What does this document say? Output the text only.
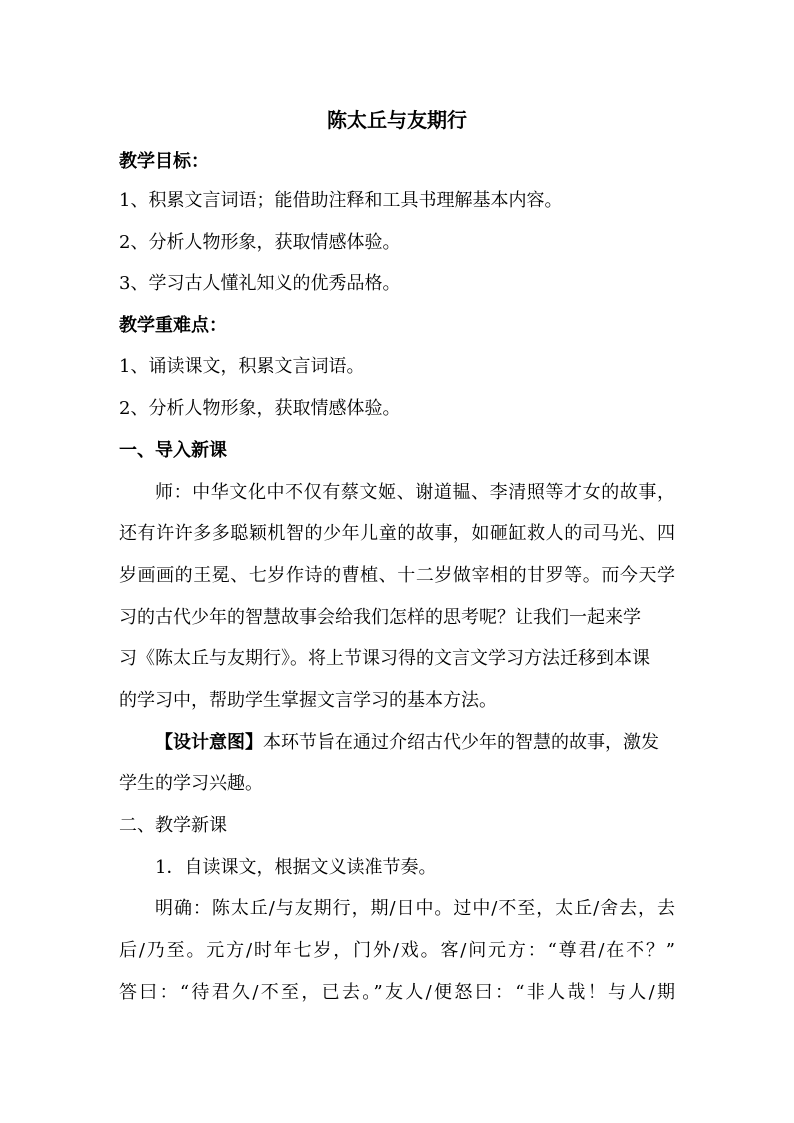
陈太丘与友期行
教学目标：
1、积累文言词语；能借助注释和工具书理解基本内容。
2、分析人物形象，获取情感体验。
3、学习古人懂礼知义的优秀品格。
教学重难点：
1、诵读课文，积累文言词语。
2、分析人物形象，获取情感体验。
一、导入新课
师：中华文化中不仅有蔡文姬、谢道韫、李清照等才女的故事，
还有许许多多聪颖机智的少年儿童的故事，如砸缸救人的司马光、四
岁画画的王冕、七岁作诗的曹植、十二岁做宰相的甘罗等。而今天学
习的古代少年的智慧故事会给我们怎样的思考呢？让我们一起来学
习《陈太丘与友期行》。将上节课习得的文言文学习方法迁移到本课
的学习中，帮助学生掌握文言学习的基本方法。
【设计意图】本环节旨在通过介绍古代少年的智慧的故事，激发
学生的学习兴趣。
二、教学新课
1．自读课文，根据文义读准节奏。
明确：陈太丘/与友期行，期/日中。过中/不至，太丘/舍去，去
后/乃至。元方/时年七岁，门外/戏。客/问元方：“尊君/在不？”
答曰：“待君久/不至，已去。”友人/便怒曰：“非人哉！与人/期
